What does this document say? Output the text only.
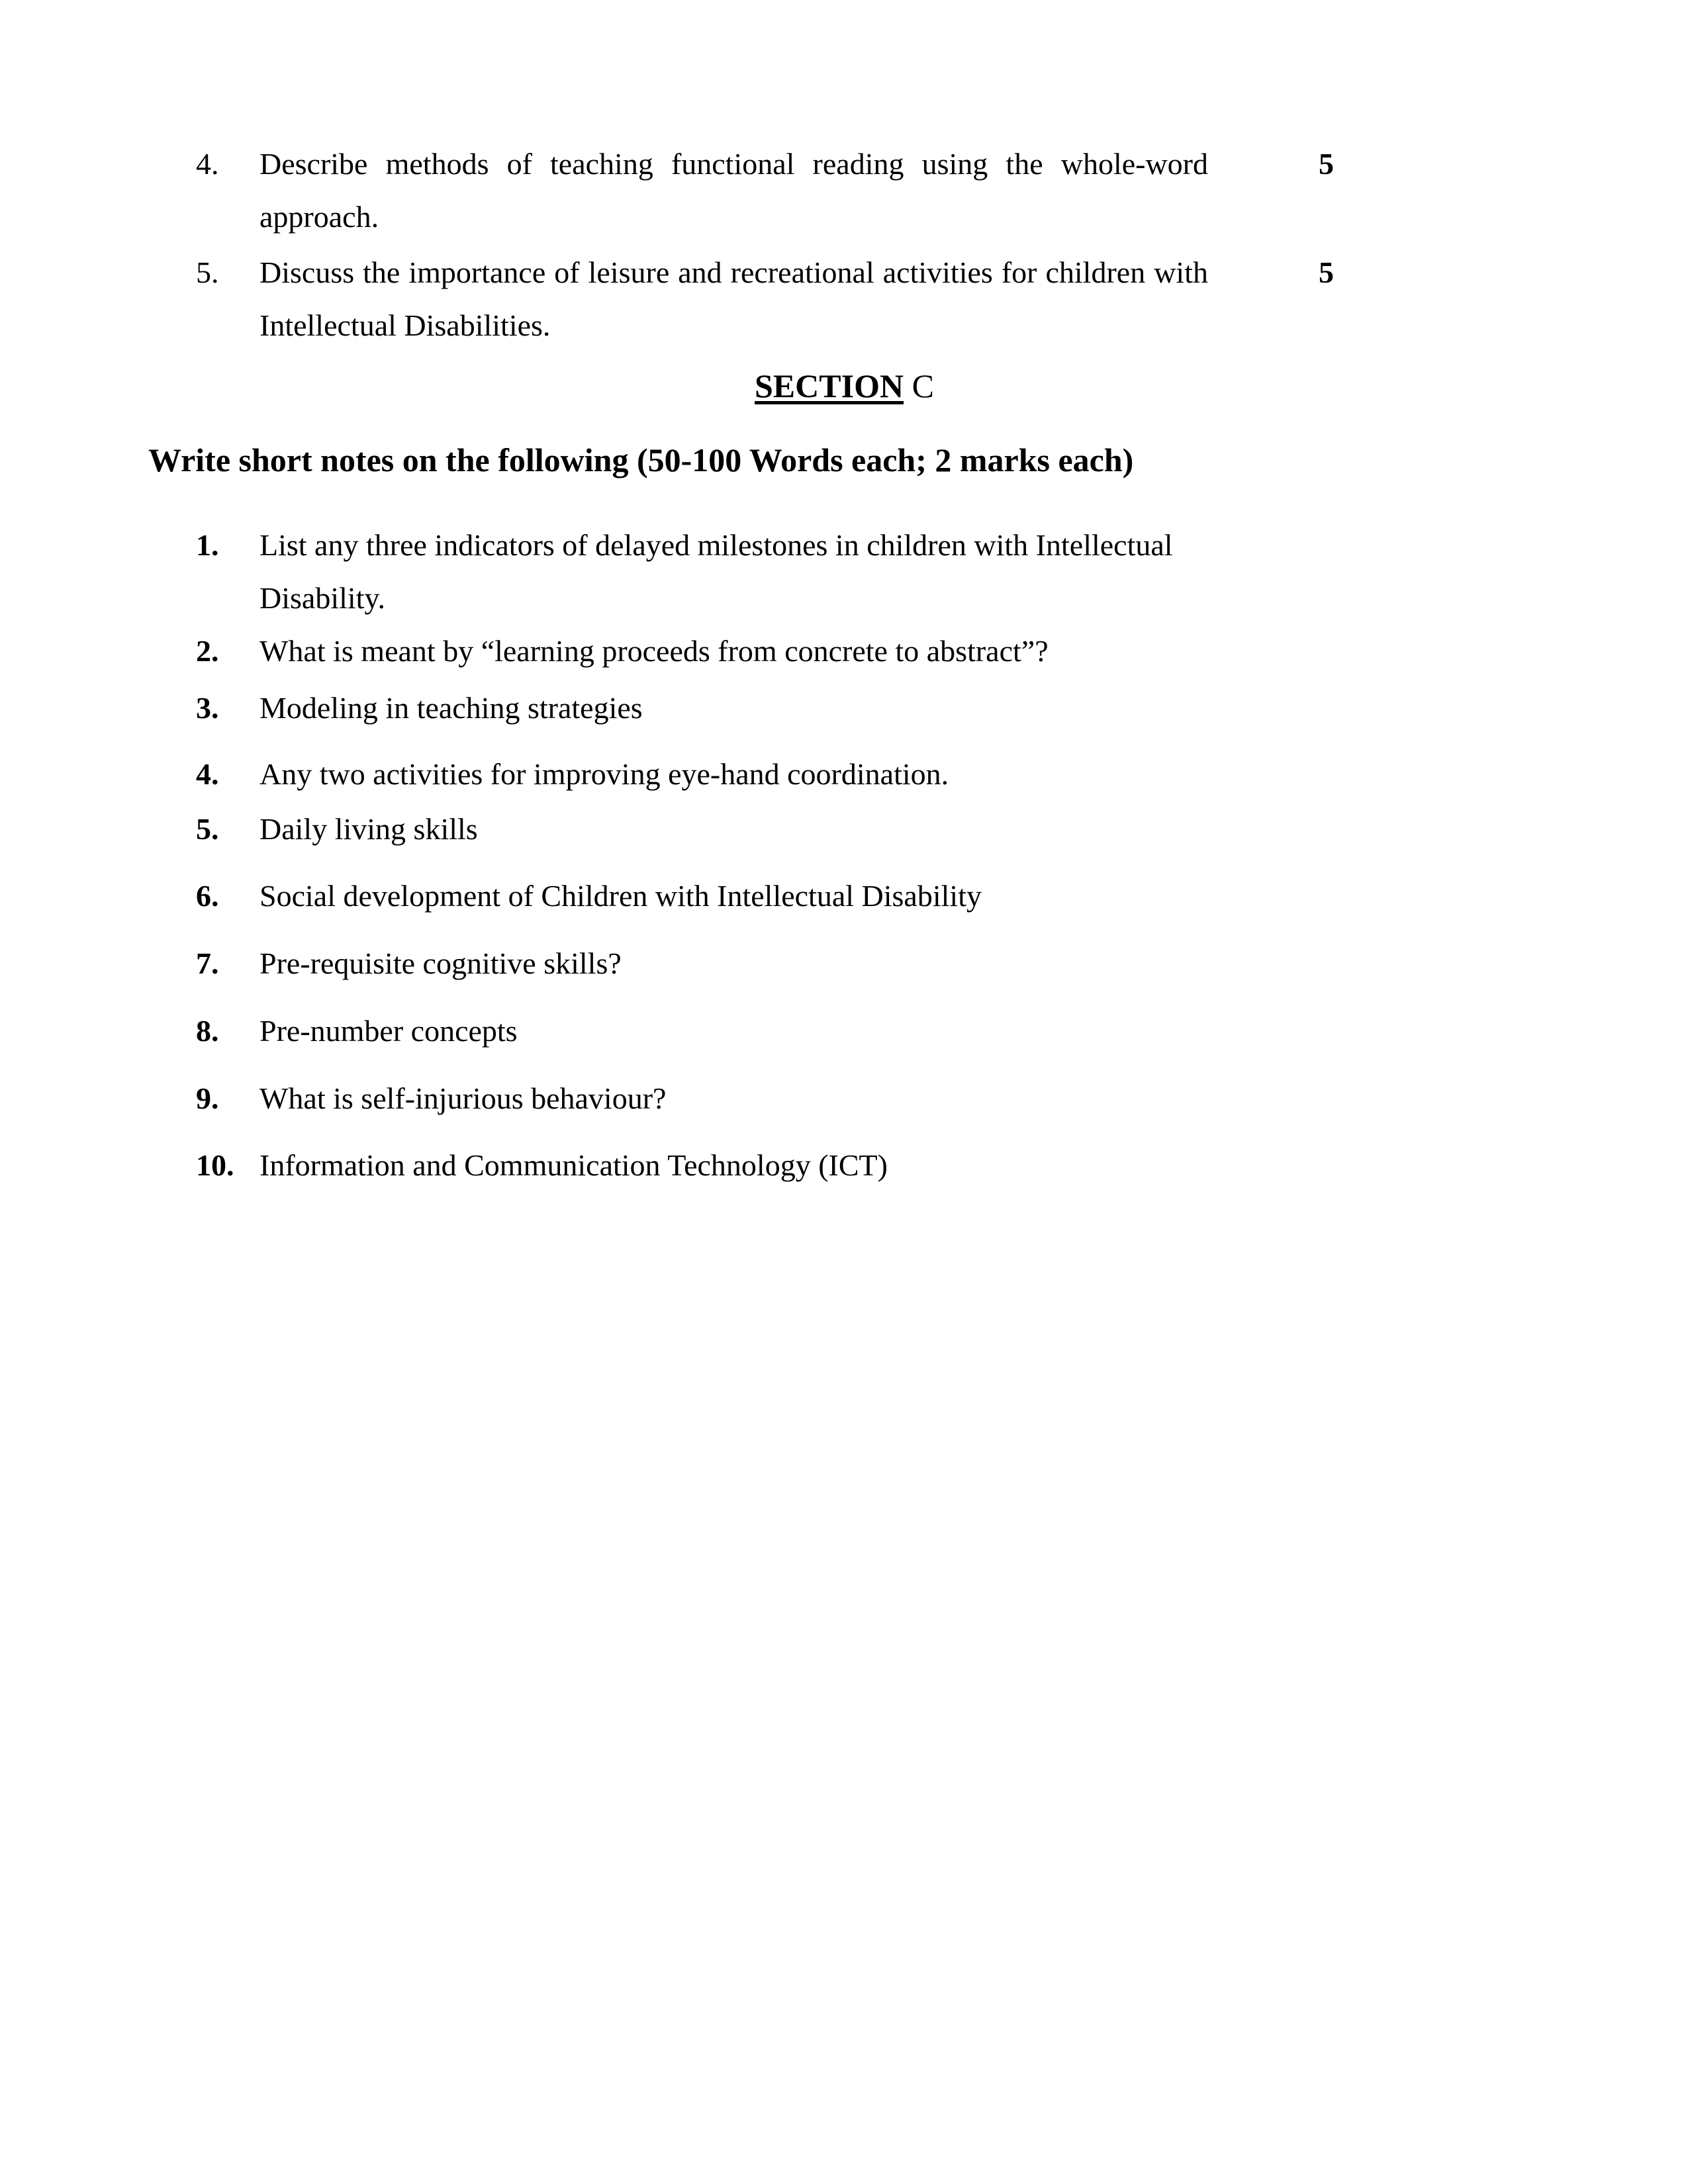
4. Describe methods of teaching functional reading using the whole-word approach.
5
5. Discuss the importance of leisure and recreational activities for children with Intellectual Disabilities.
5
SECTION C
Write short notes on the following (50-100 Words each; 2 marks each)
1. List any three indicators of delayed milestones in children with Intellectual Disability.
2. What is meant by “learning proceeds from concrete to abstract”?
3. Modeling in teaching strategies
4. Any two activities for improving eye-hand coordination.
5. Daily living skills
6. Social development of Children with Intellectual Disability
7. Pre-requisite cognitive skills?
8. Pre-number concepts
9. What is self-injurious behaviour?
10. Information and Communication Technology (ICT)
